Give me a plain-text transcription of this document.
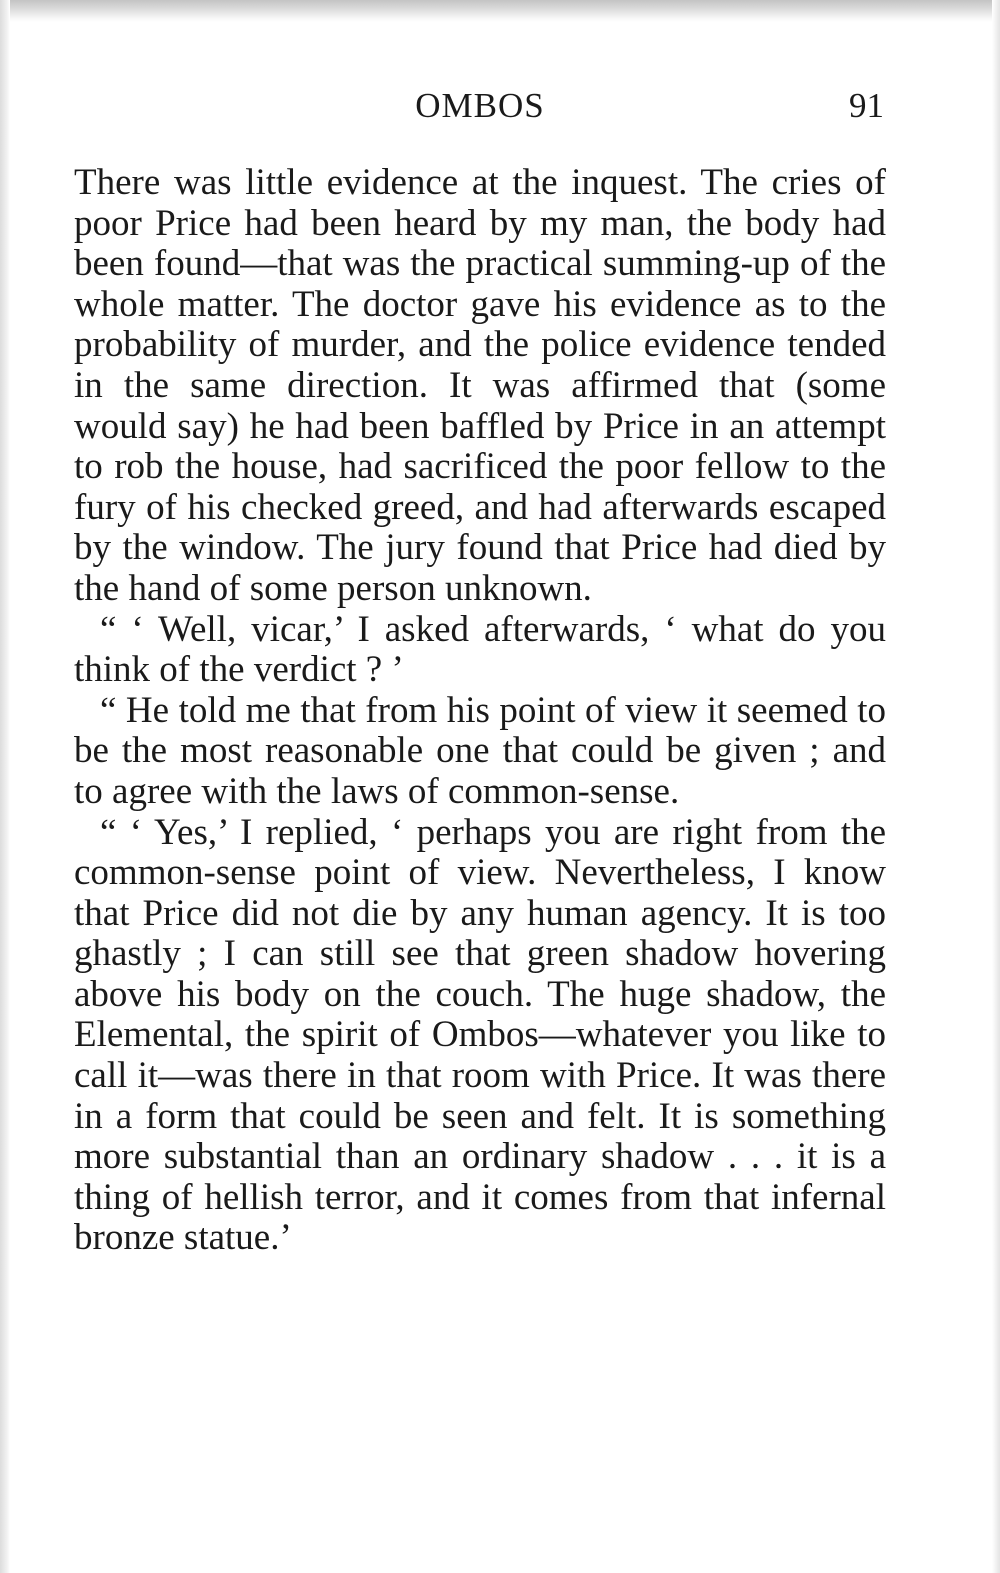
OMBOS	91

There was little evidence at the inquest. The cries of poor Price had been heard by my man, the body had been found—that was the practical summing-up of the whole matter. The doctor gave his evidence as to the probability of murder, and the police evidence tended in the same direction. It was affirmed that (some would say) he had been baffled by Price in an attempt to rob the house, had sacrificed the poor fellow to the fury of his checked greed, and had afterwards escaped by the window. The jury found that Price had died by the hand of some person unknown.

“ ‘ Well, vicar,’ I asked afterwards, ‘ what do you think of the verdict ? ’

“ He told me that from his point of view it seemed to be the most reasonable one that could be given ; and to agree with the laws of common-sense.

“ ‘ Yes,’ I replied, ‘ perhaps you are right from the common-sense point of view. Nevertheless, I know that Price did not die by any human agency. It is too ghastly ; I can still see that green shadow hovering above his body on the couch. The huge shadow, the Elemental, the spirit of Ombos—whatever you like to call it—was there in that room with Price. It was there in a form that could be seen and felt. It is something more substantial than an ordinary shadow . . . it is a thing of hellish terror, and it comes from that infernal bronze statue.’
